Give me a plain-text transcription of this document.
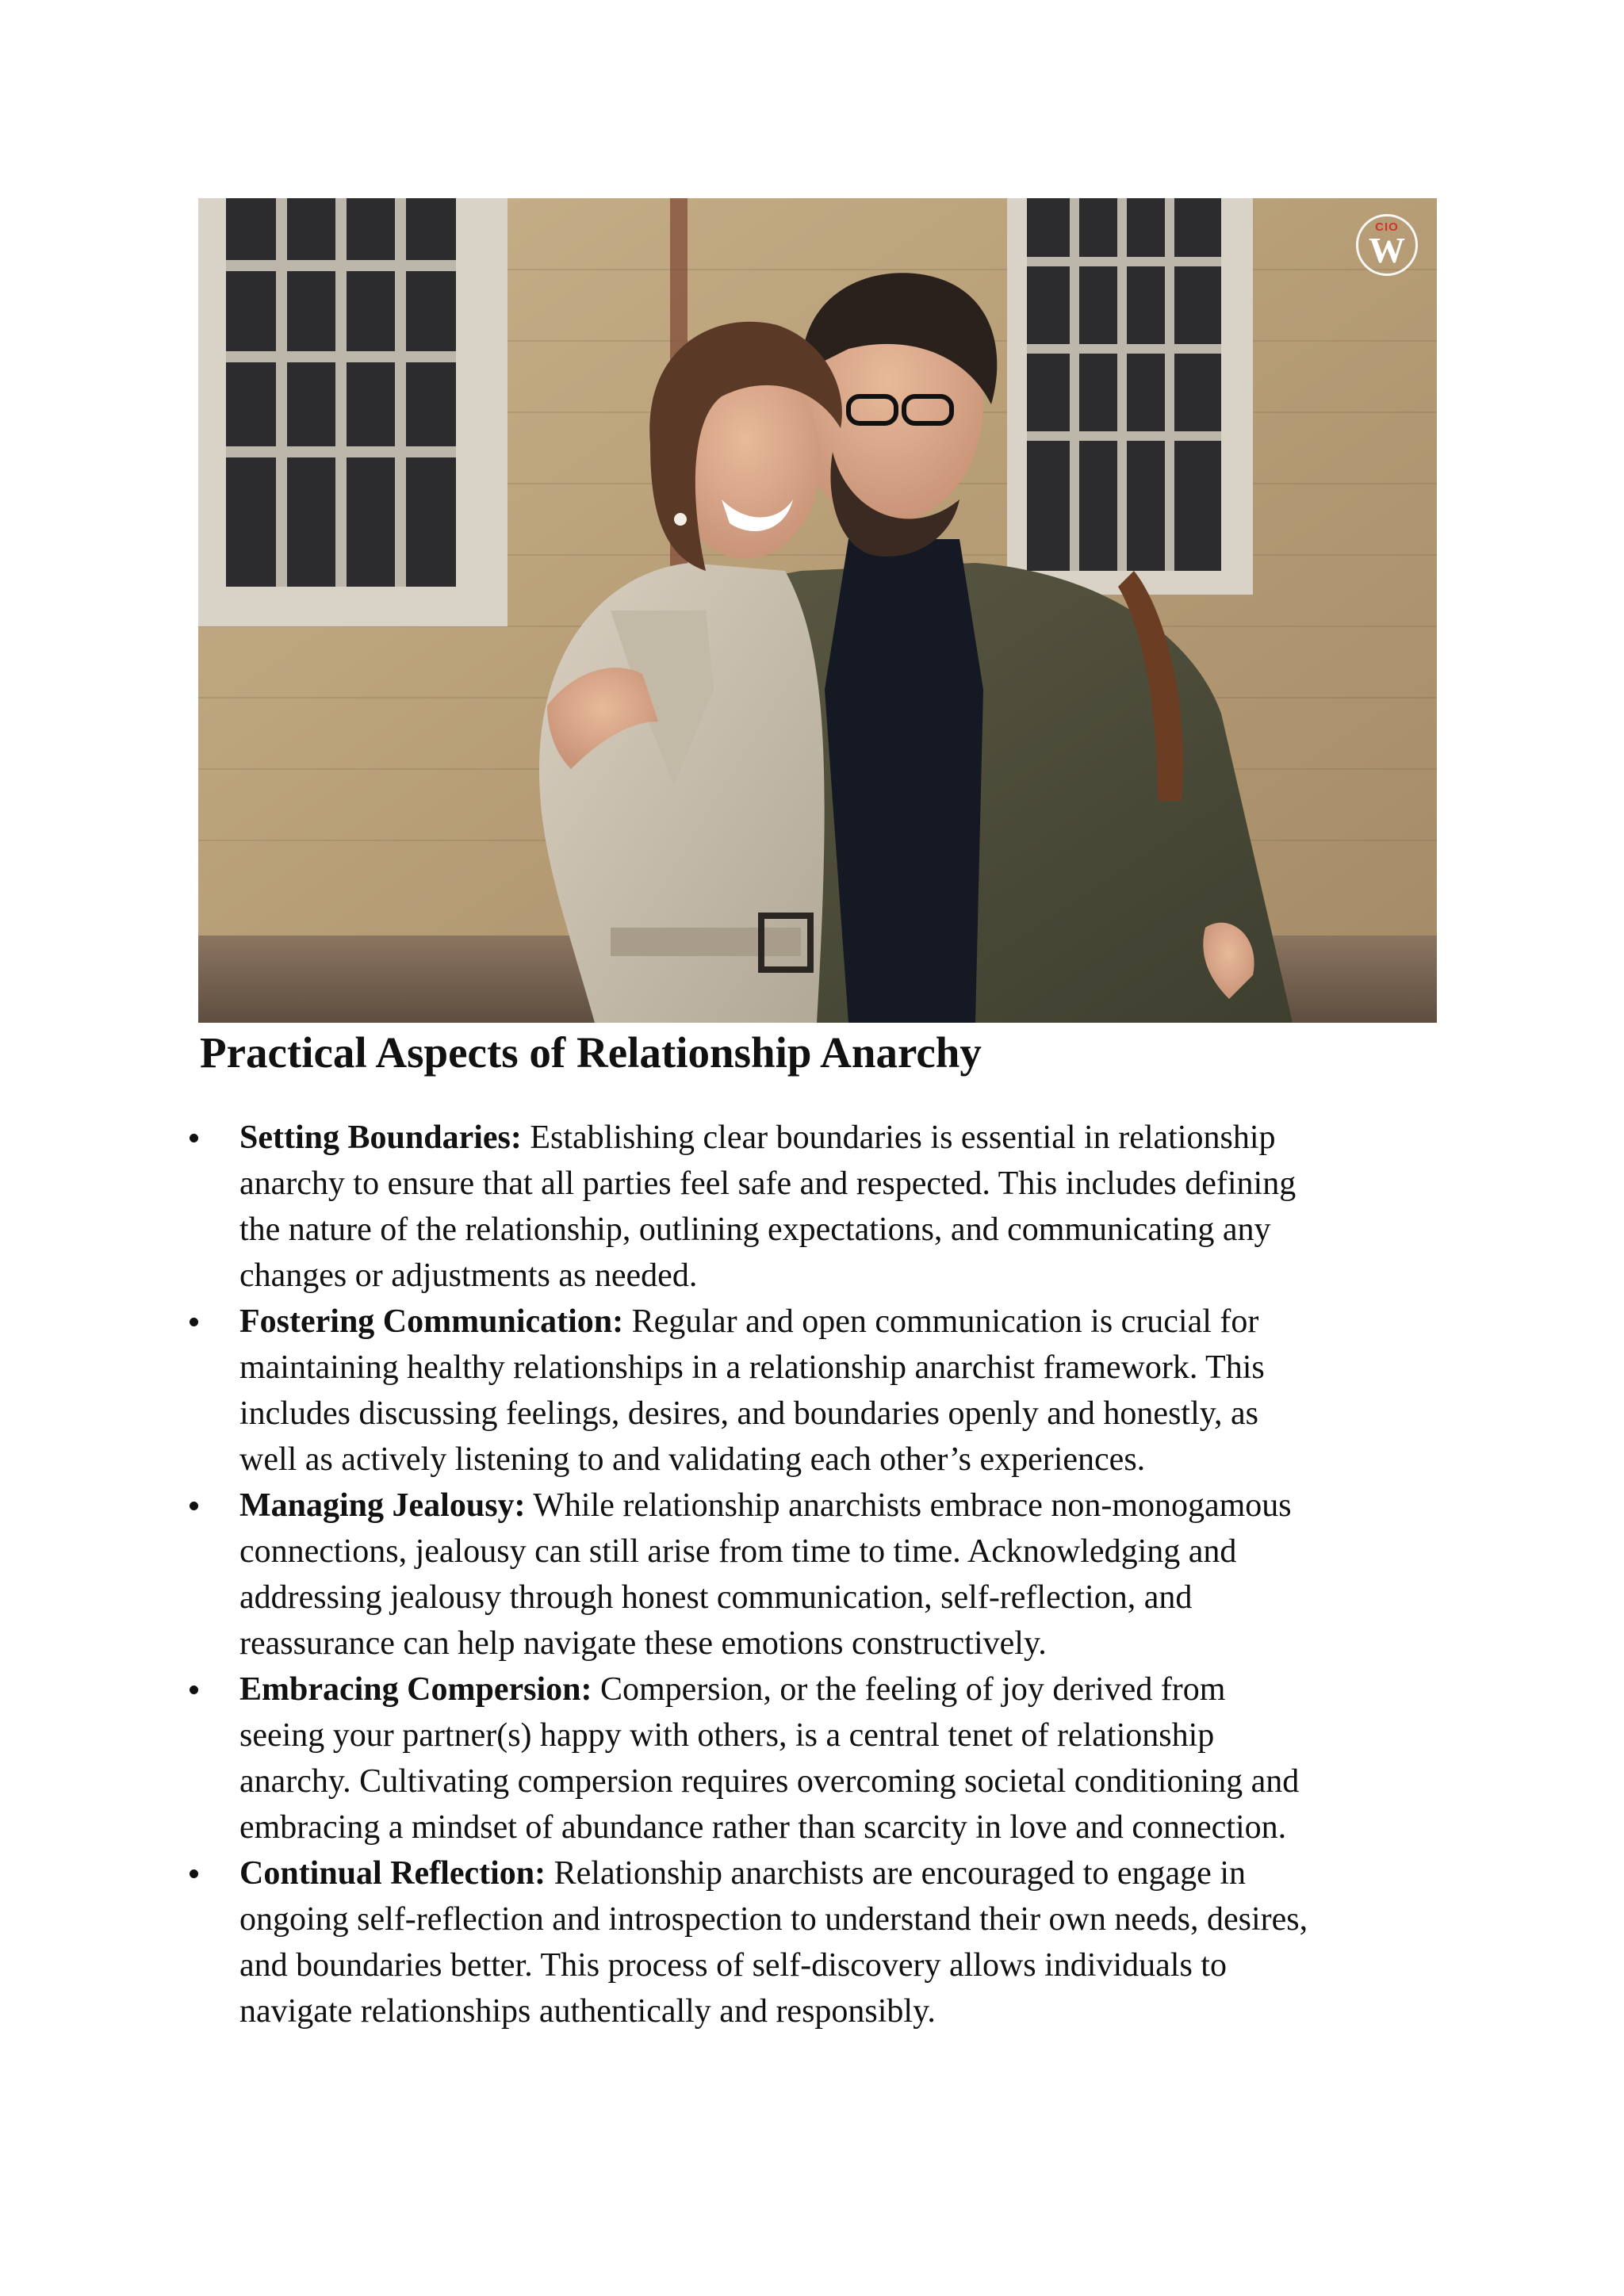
CIO
W
Practical Aspects of Relationship Anarchy
Setting Boundaries: Establishing clear boundaries is essential in relationship
anarchy to ensure that all parties feel safe and respected. This includes defining
the nature of the relationship, outlining expectations, and communicating any
changes or adjustments as needed.
Fostering Communication: Regular and open communication is crucial for
maintaining healthy relationships in a relationship anarchist framework. This
includes discussing feelings, desires, and boundaries openly and honestly, as
well as actively listening to and validating each other’s experiences.
Managing Jealousy: While relationship anarchists embrace non-monogamous
connections, jealousy can still arise from time to time. Acknowledging and
addressing jealousy through honest communication, self-reflection, and
reassurance can help navigate these emotions constructively.
Embracing Compersion: Compersion, or the feeling of joy derived from
seeing your partner(s) happy with others, is a central tenet of relationship
anarchy. Cultivating compersion requires overcoming societal conditioning and
embracing a mindset of abundance rather than scarcity in love and connection.
Continual Reflection: Relationship anarchists are encouraged to engage in
ongoing self-reflection and introspection to understand their own needs, desires,
and boundaries better. This process of self-discovery allows individuals to
navigate relationships authentically and responsibly.
